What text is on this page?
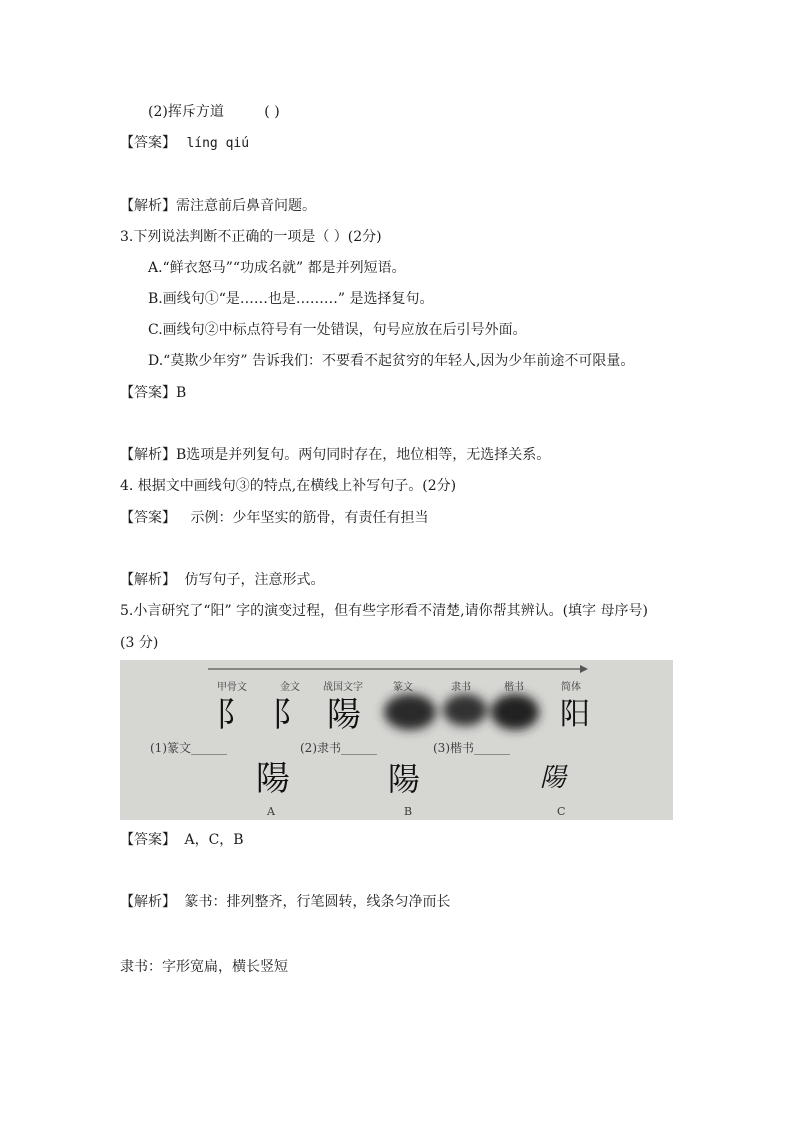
(2)挥斥方道	( )
【答案】 líng qiú
【解析】需注意前后鼻音问题。
3.下列说法判断不正确的一项是（ ）(2分)
A.“鲜衣怒马”“功成名就” 都是并列短语。
B.画线句①“是……也是………” 是选择复句。
C.画线句②中标点符号有一处错误，句号应放在后引号外面。
D.“莫欺少年穷” 告诉我们：不要看不起贫穷的年轻人,因为少年前途不可限量。
【答案】B
【解析】B选项是并列复句。两句同时存在，地位相等，无选择关系。
4. 根据文中画线句③的特点,在横线上补写句子。(2分)
【答案】 示例：少年坚实的筋骨，有责任有担当
【解析】 仿写句子，注意形式。
5.小言研究了“阳” 字的演变过程，但有些字形看不清楚,请你帮其辨认。(填字 母序号)
(3 分)
甲骨文	金文 战国文字	篆文	隶书	楷书	简体
阝 阝 陽	阳
(1)篆文______	(2)隶书______	(3)楷书______
陽	陽	陽
A	B	C
【答案】 A，C，B
【解析】 篆书：排列整齐，行笔圆转，线条匀净而长
隶书：字形宽扁，横长竖短
